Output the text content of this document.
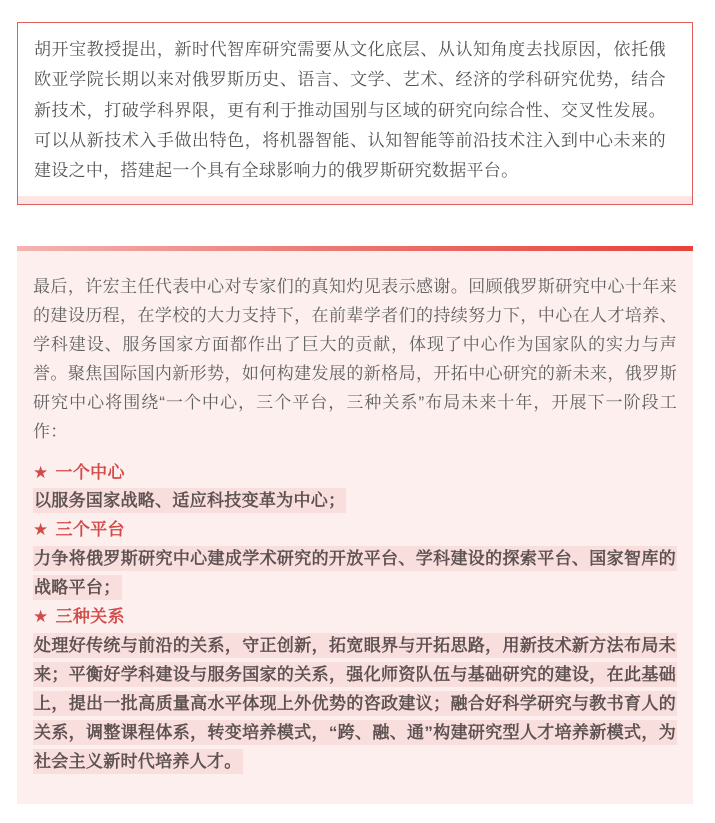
胡开宝教授提出，新时代智库研究需要从文化底层、从认知角度去找原因，依托俄欧亚学院长期以来对俄罗斯历史、语言、文学、艺术、经济的学科研究优势，结合新技术，打破学科界限，更有利于推动国别与区域的研究向综合性、交叉性发展。可以从新技术入手做出特色，将机器智能、认知智能等前沿技术注入到中心未来的建设之中，搭建起一个具有全球影响力的俄罗斯研究数据平台。

最后，许宏主任代表中心对专家们的真知灼见表示感谢。回顾俄罗斯研究中心十年来的建设历程，在学校的大力支持下，在前辈学者们的持续努力下，中心在人才培养、学科建设、服务国家方面都作出了巨大的贡献，体现了中心作为国家队的实力与声誉。聚焦国际国内新形势，如何构建发展的新格局，开拓中心研究的新未来，俄罗斯研究中心将围绕“一个中心，三个平台，三种关系”布局未来十年，开展下一阶段工作：

★ 一个中心

以服务国家战略、适应科技变革为中心；

★ 三个平台

力争将俄罗斯研究中心建成学术研究的开放平台、学科建设的探索平台、国家智库的战略平台；

★ 三种关系

处理好传统与前沿的关系，守正创新，拓宽眼界与开拓思路，用新技术新方法布局未来；平衡好学科建设与服务国家的关系，强化师资队伍与基础研究的建设，在此基础上，提出一批高质量高水平体现上外优势的咨政建议；融合好科学研究与教书育人的关系，调整课程体系，转变培养模式，“跨、融、通”构建研究型人才培养新模式，为社会主义新时代培养人才。
